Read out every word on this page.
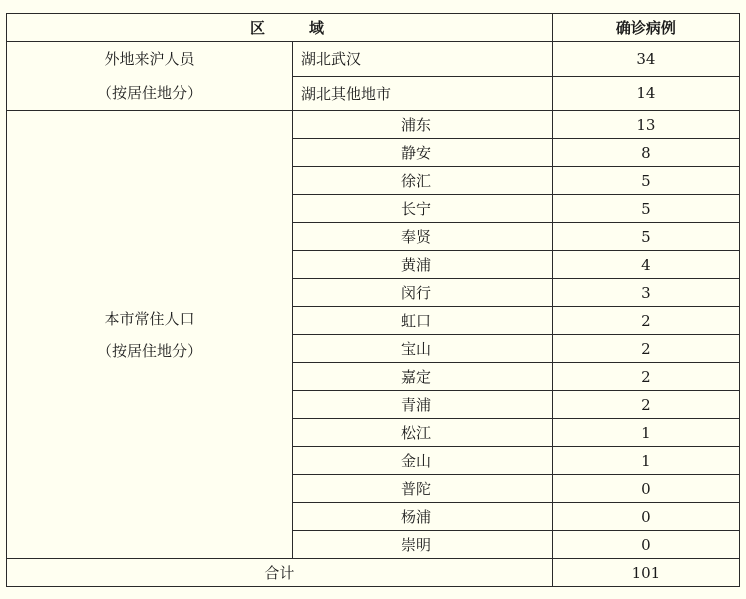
区 域		确诊病例

外地来沪人员
（按居住地分）	湖北武汉	34
	湖北其他地市	14

本市常住人口
（按居住地分）	浦东	13
	静安	8
	徐汇	5
	长宁	5
	奉贤	5
	黄浦	4
	闵行	3
	虹口	2
	宝山	2
	嘉定	2
	青浦	2
	松江	1
	金山	1
	普陀	0
	杨浦	0
	崇明	0
合计		101
